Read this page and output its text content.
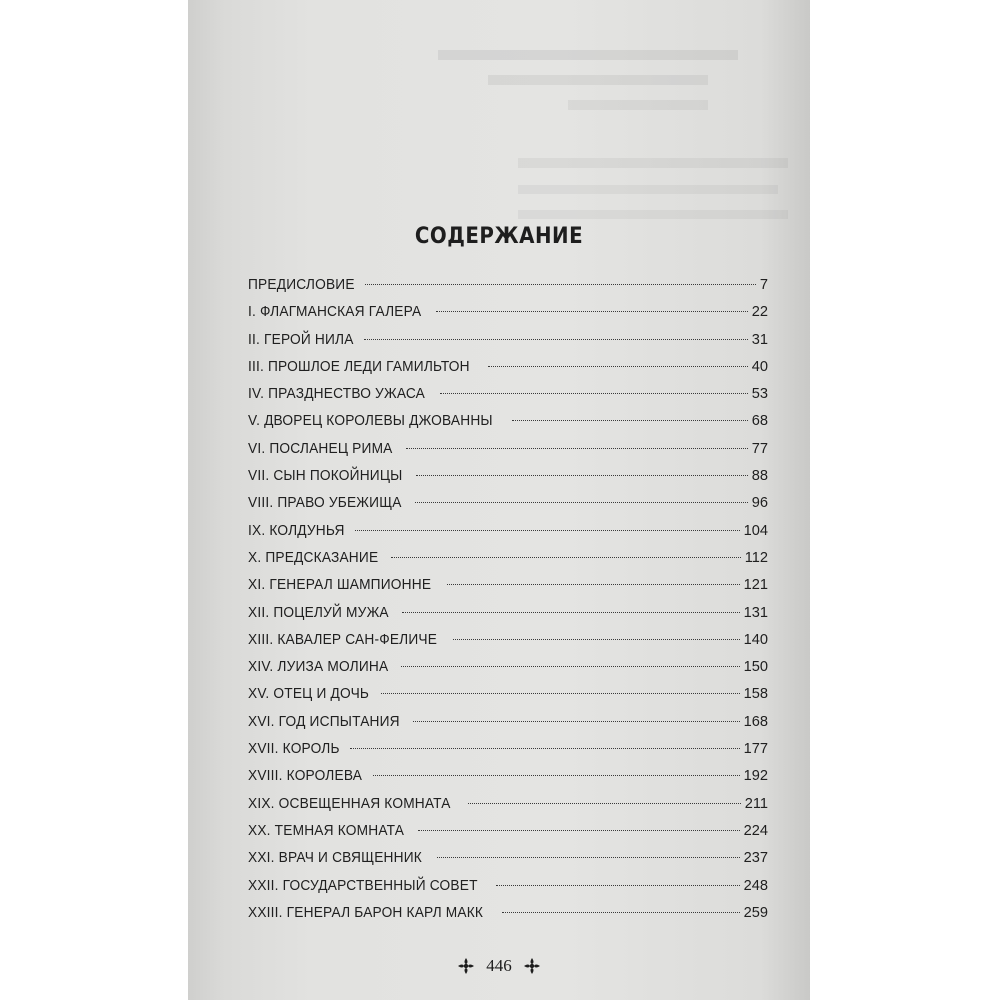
СОДЕРЖАНИЕ
ПРЕДИСЛОВИЕ	7
I. ФЛАГМАНСКАЯ ГАЛЕРА	22
II. ГЕРОЙ НИЛА	31
III. ПРОШЛОЕ ЛЕДИ ГАМИЛЬТОН	40
IV. ПРАЗДНЕСТВО УЖАСА	53
V. ДВОРЕЦ КОРОЛЕВЫ ДЖОВАННЫ	68
VI. ПОСЛАНЕЦ РИМА	77
VII. СЫН ПОКОЙНИЦЫ	88
VIII. ПРАВО УБЕЖИЩА	96
IX. КОЛДУНЬЯ	104
X. ПРЕДСКАЗАНИЕ	112
XI. ГЕНЕРАЛ ШАМПИОННЕ	121
XII. ПОЦЕЛУЙ МУЖА	131
XIII. КАВАЛЕР САН-ФЕЛИЧЕ	140
XIV. ЛУИЗА МОЛИНА	150
XV. ОТЕЦ И ДОЧЬ	158
XVI. ГОД ИСПЫТАНИЯ	168
XVII. КОРОЛЬ	177
XVIII. КОРОЛЕВА	192
XIX. ОСВЕЩЕННАЯ КОМНАТА	211
XX. ТЕМНАЯ КОМНАТА	224
XXI. ВРАЧ И СВЯЩЕННИК	237
XXII. ГОСУДАРСТВЕННЫЙ СОВЕТ	248
XXIII. ГЕНЕРАЛ БАРОН КАРЛ МАКК	259
446
